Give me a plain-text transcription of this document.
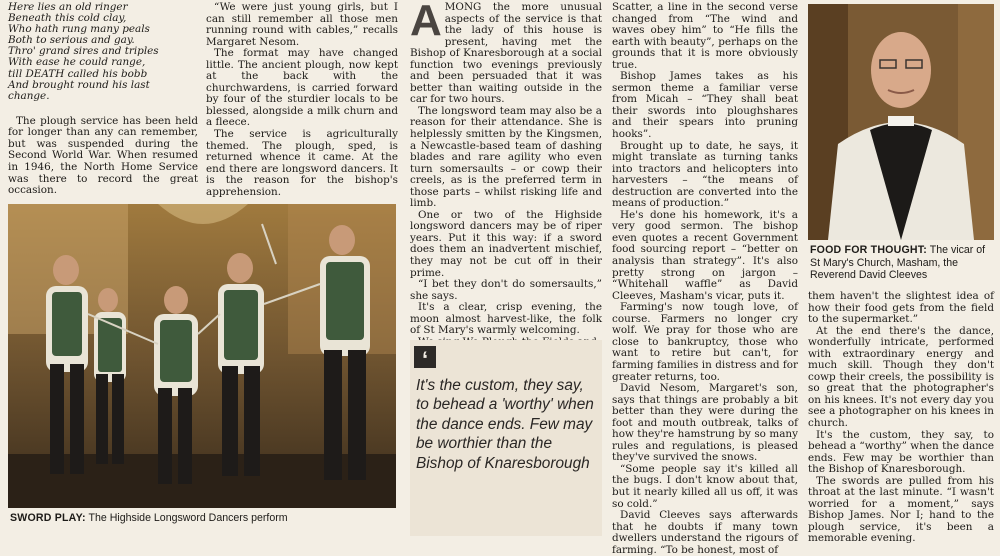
Here lies an old ringer
Beneath this cold clay,
Who hath rung many peals
Both to serious and gay.
Thro' grand sires and triples
With ease he could range,
till DEATH called his bobb
And brought round his last
change.

The plough service has been held for longer than any can remember, but was suspended during the Second World War. When resumed in 1946, the North Home Service was there to record the great occasion.

“We were just young girls, but I can still remember all those men running round with cables,” recalls Margaret Nesom.

The format may have changed little. The ancient plough, now kept at the back with the churchwardens, is carried forward by four of the sturdier locals to be blessed, alongside a milk churn and a fleece.

The service is agriculturally themed. The plough, sped, is returned whence it came. At the end there are longsword dancers. It is the reason for the bishop's apprehension.

SWORD PLAY: The Highside Longsword Dancers perform

A MONG the more unusual aspects of the service is that the lady of this house is present, having met the Bishop of Knaresborough at a social function two evenings previously and been persuaded that it was better than waiting outside in the car for two hours.

The longsword team may also be a reason for their attendance. She is helplessly smitten by the Kingsmen, a Newcastle-based team of dashing blades and rare agility who even turn somersaults – or cowp their creels, as is the preferred term in those parts – whilst risking life and limb.

One or two of the Highside longsword dancers may be of riper years. Put it this way: if a sword does them an inadvertent mischief, they may not be cut off in their prime.

“I bet they don't do somersaults,” she says.

It's a clear, crisp evening, the moon almost harvest-like, the folk of St Mary's warmly welcoming.

‘
It's the custom, they say, to behead a 'worthy' when the dance ends. Few may be worthier than the Bishop of Knaresborough

Scatter, a line in the second verse changed from “The wind and waves obey him” to “He fills the earth with beauty”, perhaps on the grounds that it is more obviously true.

Bishop James takes as his sermon theme a familiar verse from Micah – “They shall beat their swords into ploughshares and their spears into pruning hooks”.

Brought up to date, he says, it might translate as turning tanks into tractors and helicopters into harvesters – “the means of destruction are converted into the means of production.”

He's done his homework, it's a very good sermon. The bishop even quotes a recent Government food sourcing report – “better on analysis than strategy”. It's also pretty strong on jargon – “Whitehall waffle” as David Cleeves, Masham's vicar, puts it.

Farming's now tough love, of course. Farmers no longer cry wolf. We pray for those who are close to bankruptcy, those who want to retire but can't, for farming families in distress and for greater returns, too.

David Nesom, Margaret's son, says that things are probably a bit better than they were during the foot and mouth outbreak, talks of how they're hamstrung by so many rules and regulations, is pleased they've survived the snows.

“Some people say it's killed all the bugs. I don't know about that, but it nearly killed all us off, it was so cold.”

David Cleeves says afterwards that he doubts if many town dwellers understand the rigours of farming. “To be honest, most of

FOOD FOR THOUGHT: The vicar of St Mary's Church, Masham, the Reverend David Cleeves

them haven't the slightest idea of how their food gets from the field to the supermarket.”

At the end there's the dance, wonderfully intricate, performed with extraordinary energy and much skill. Though they don't cowp their creels, the possibility is so great that the photographer's on his knees. It's not every day you see a photographer on his knees in church.

It's the custom, they say, to behead a “worthy” when the dance ends. Few may be worthier than the Bishop of Knaresborough.

The swords are pulled from his throat at the last minute. “I wasn't worried for a moment,” says Bishop James. Nor I; hand to the plough service, it's been a memorable evening.
